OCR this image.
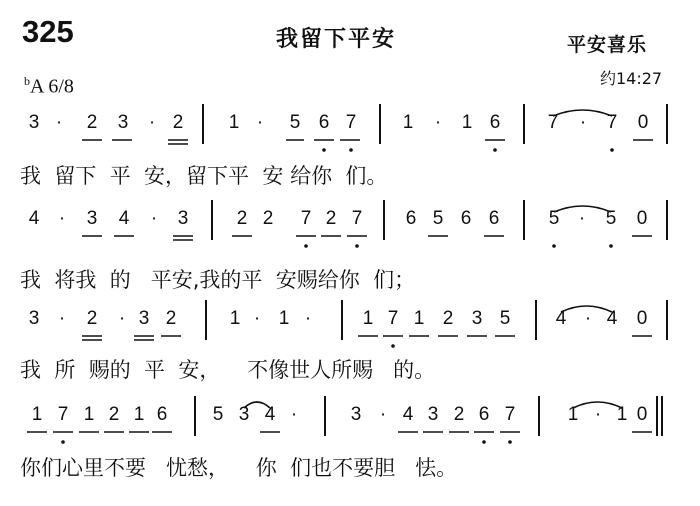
325	我留下平安	平安喜乐
$^b$A 6/8	约14:27
我  留下  平  安，留下平  安 给你  们。
3 · 2 3 · 2 1 · 5 6 7 1 · 1 6 7 · 7 0
我  将我  的   平安,我的平  安赐给你  们；
4 · 3 4 · 3	2 2 7 2 7 6 5 6 6	5 · 5 0
我  所  赐的  平  安，    不像世人所赐   的。
3 · 2 · 3 2	1 · 1 ·	1 7 1 2 3 5 4 · 4 0
你们心里不要   忧愁，    你  们也不要胆   怯。
1 7 1 2 1 6 5 3 4 ·	3 · 4 3 2 6 7	1 · 1 0
